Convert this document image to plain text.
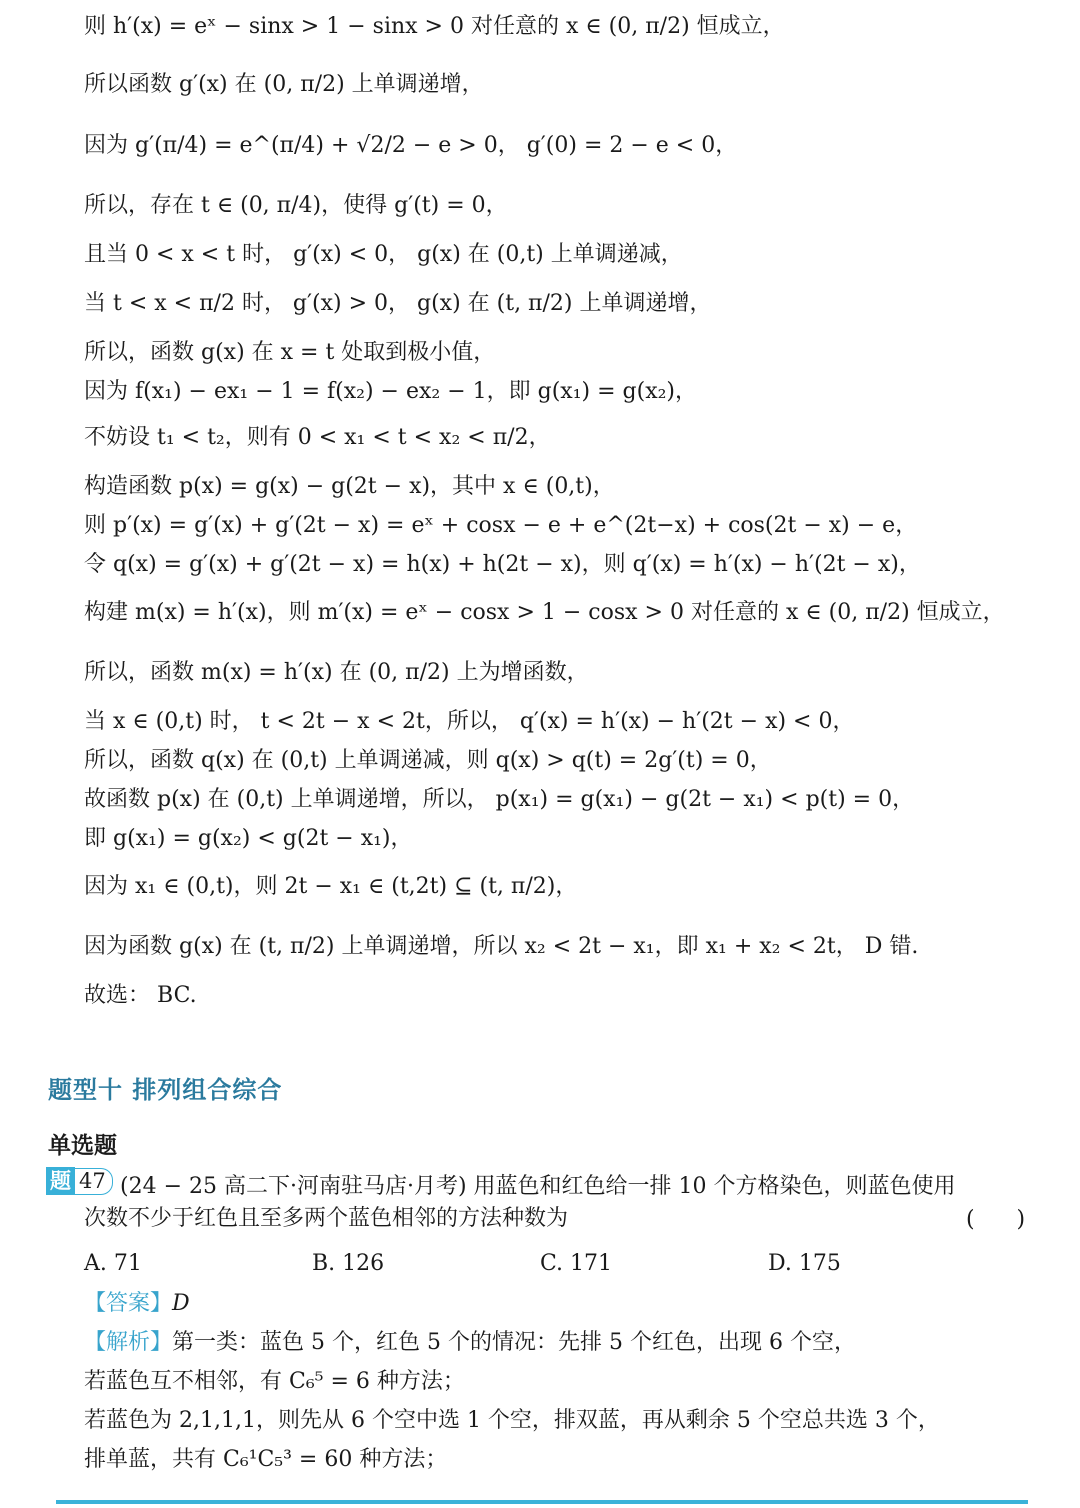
则 h′(x) = eˣ − sinx > 1 − sinx > 0 对任意的 x ∈ (0, π/2) 恒成立，
所以函数 g′(x) 在 (0, π/2) 上单调递增，
因为 g′(π/4) = e^(π/4) + √2/2 − e > 0， g′(0) = 2 − e < 0，
所以，存在 t ∈ (0, π/4)，使得 g′(t) = 0，
且当 0 < x < t 时， g′(x) < 0， g(x) 在 (0,t) 上单调递减，
当 t < x < π/2 时， g′(x) > 0， g(x) 在 (t, π/2) 上单调递增，
所以，函数 g(x) 在 x = t 处取到极小值，
因为 f(x₁) − ex₁ − 1 = f(x₂) − ex₂ − 1，即 g(x₁) = g(x₂)，
不妨设 t₁ < t₂，则有 0 < x₁ < t < x₂ < π/2，
构造函数 p(x) = g(x) − g(2t − x)，其中 x ∈ (0,t)，
则 p′(x) = g′(x) + g′(2t − x) = eˣ + cosx − e + e^(2t−x) + cos(2t − x) − e，
令 q(x) = g′(x) + g′(2t − x) = h(x) + h(2t − x)，则 q′(x) = h′(x) − h′(2t − x)，
构建 m(x) = h′(x)，则 m′(x) = eˣ − cosx > 1 − cosx > 0 对任意的 x ∈ (0, π/2) 恒成立，
所以，函数 m(x) = h′(x) 在 (0, π/2) 上为增函数，
当 x ∈ (0,t) 时， t < 2t − x < 2t，所以， q′(x) = h′(x) − h′(2t − x) < 0，
所以，函数 q(x) 在 (0,t) 上单调递减，则 q(x) > q(t) = 2g′(t) = 0，
故函数 p(x) 在 (0,t) 上单调递增，所以， p(x₁) = g(x₁) − g(2t − x₁) < p(t) = 0，
即 g(x₁) = g(x₂) < g(2t − x₁)，
因为 x₁ ∈ (0,t)，则 2t − x₁ ∈ (t,2t) ⊆ (t, π/2)，
因为函数 g(x) 在 (t, π/2) 上单调递增，所以 x₂ < 2t − x₁，即 x₁ + x₂ < 2t， D 错.
故选： BC.
题型十 排列组合综合
单选题
题 47 (24 − 25 高二下·河南驻马店·月考) 用蓝色和红色给一排 10 个方格染色，则蓝色使用
次数不少于红色且至多两个蓝色相邻的方法种数为	(      )
A. 71	B. 126	C. 171	D. 175
【答案】D
【解析】第一类：蓝色 5 个，红色 5 个的情况：先排 5 个红色，出现 6 个空，
若蓝色互不相邻，有 C₆⁵ = 6 种方法；
若蓝色为 2,1,1,1，则先从 6 个空中选 1 个空，排双蓝，再从剩余 5 个空总共选 3 个，
排单蓝，共有 C₆¹C₅³ = 60 种方法；
